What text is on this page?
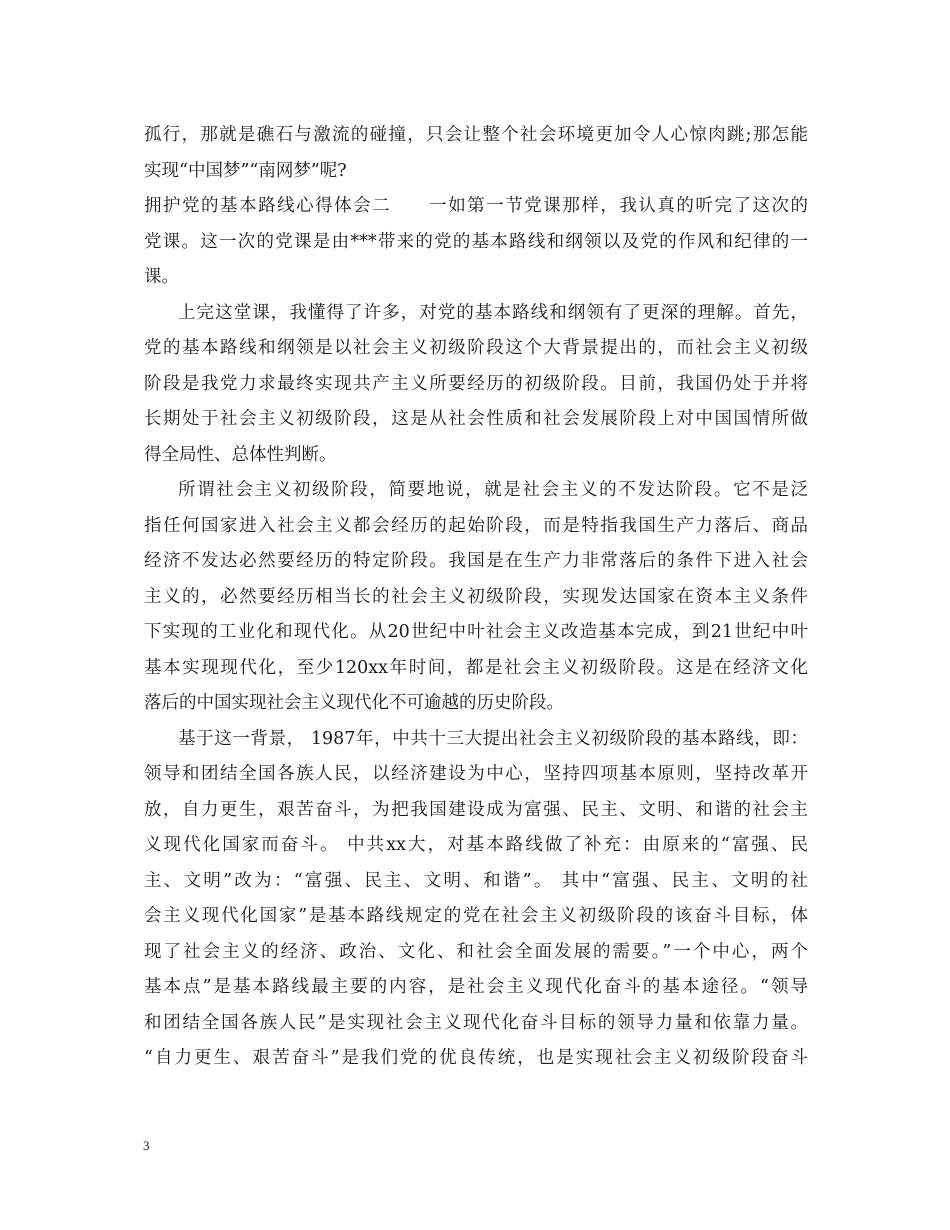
孤行，那就是礁石与激流的碰撞，只会让整个社会环境更加令人心惊肉跳;那怎能

实现“中国梦”“南网梦”呢?

拥护党的基本路线心得体会二　　一如第一节党课那样，我认真的听完了这次的

党课。这一次的党课是由***带来的党的基本路线和纲领以及党的作风和纪律的一

课。

上完这堂课，我懂得了许多，对党的基本路线和纲领有了更深的理解。首先，

党的基本路线和纲领是以社会主义初级阶段这个大背景提出的，而社会主义初级

阶段是我党力求最终实现共产主义所要经历的初级阶段。目前，我国仍处于并将

长期处于社会主义初级阶段，这是从社会性质和社会发展阶段上对中国国情所做

得全局性、总体性判断。

所谓社会主义初级阶段，简要地说，就是社会主义的不发达阶段。它不是泛

指任何国家进入社会主义都会经历的起始阶段，而是特指我国生产力落后、商品

经济不发达必然要经历的特定阶段。我国是在生产力非常落后的条件下进入社会

主义的，必然要经历相当长的社会主义初级阶段，实现发达国家在资本主义条件

下实现的工业化和现代化。从20世纪中叶社会主义改造基本完成，到21世纪中叶

基本实现现代化，至少120xx年时间，都是社会主义初级阶段。这是在经济文化

落后的中国实现社会主义现代化不可逾越的历史阶段。

基于这一背景， 1987年，中共十三大提出社会主义初级阶段的基本路线，即：

领导和团结全国各族人民，以经济建设为中心，坚持四项基本原则，坚持改革开

放，自力更生，艰苦奋斗，为把我国建设成为富强、民主、文明、和谐的社会主

义现代化国家而奋斗。 中共xx大，对基本路线做了补充：由原来的“富强、民

主、文明”改为：“富强、民主、文明、和谐”。 其中“富强、民主、文明的社

会主义现代化国家”是基本路线规定的党在社会主义初级阶段的该奋斗目标，体

现了社会主义的经济、政治、文化、和社会全面发展的需要。”一个中心，两个

基本点”是基本路线最主要的内容，是社会主义现代化奋斗的基本途径。“领导

和团结全国各族人民”是实现社会主义现代化奋斗目标的领导力量和依靠力量。

“自力更生、艰苦奋斗”是我们党的优良传统，也是实现社会主义初级阶段奋斗

3
